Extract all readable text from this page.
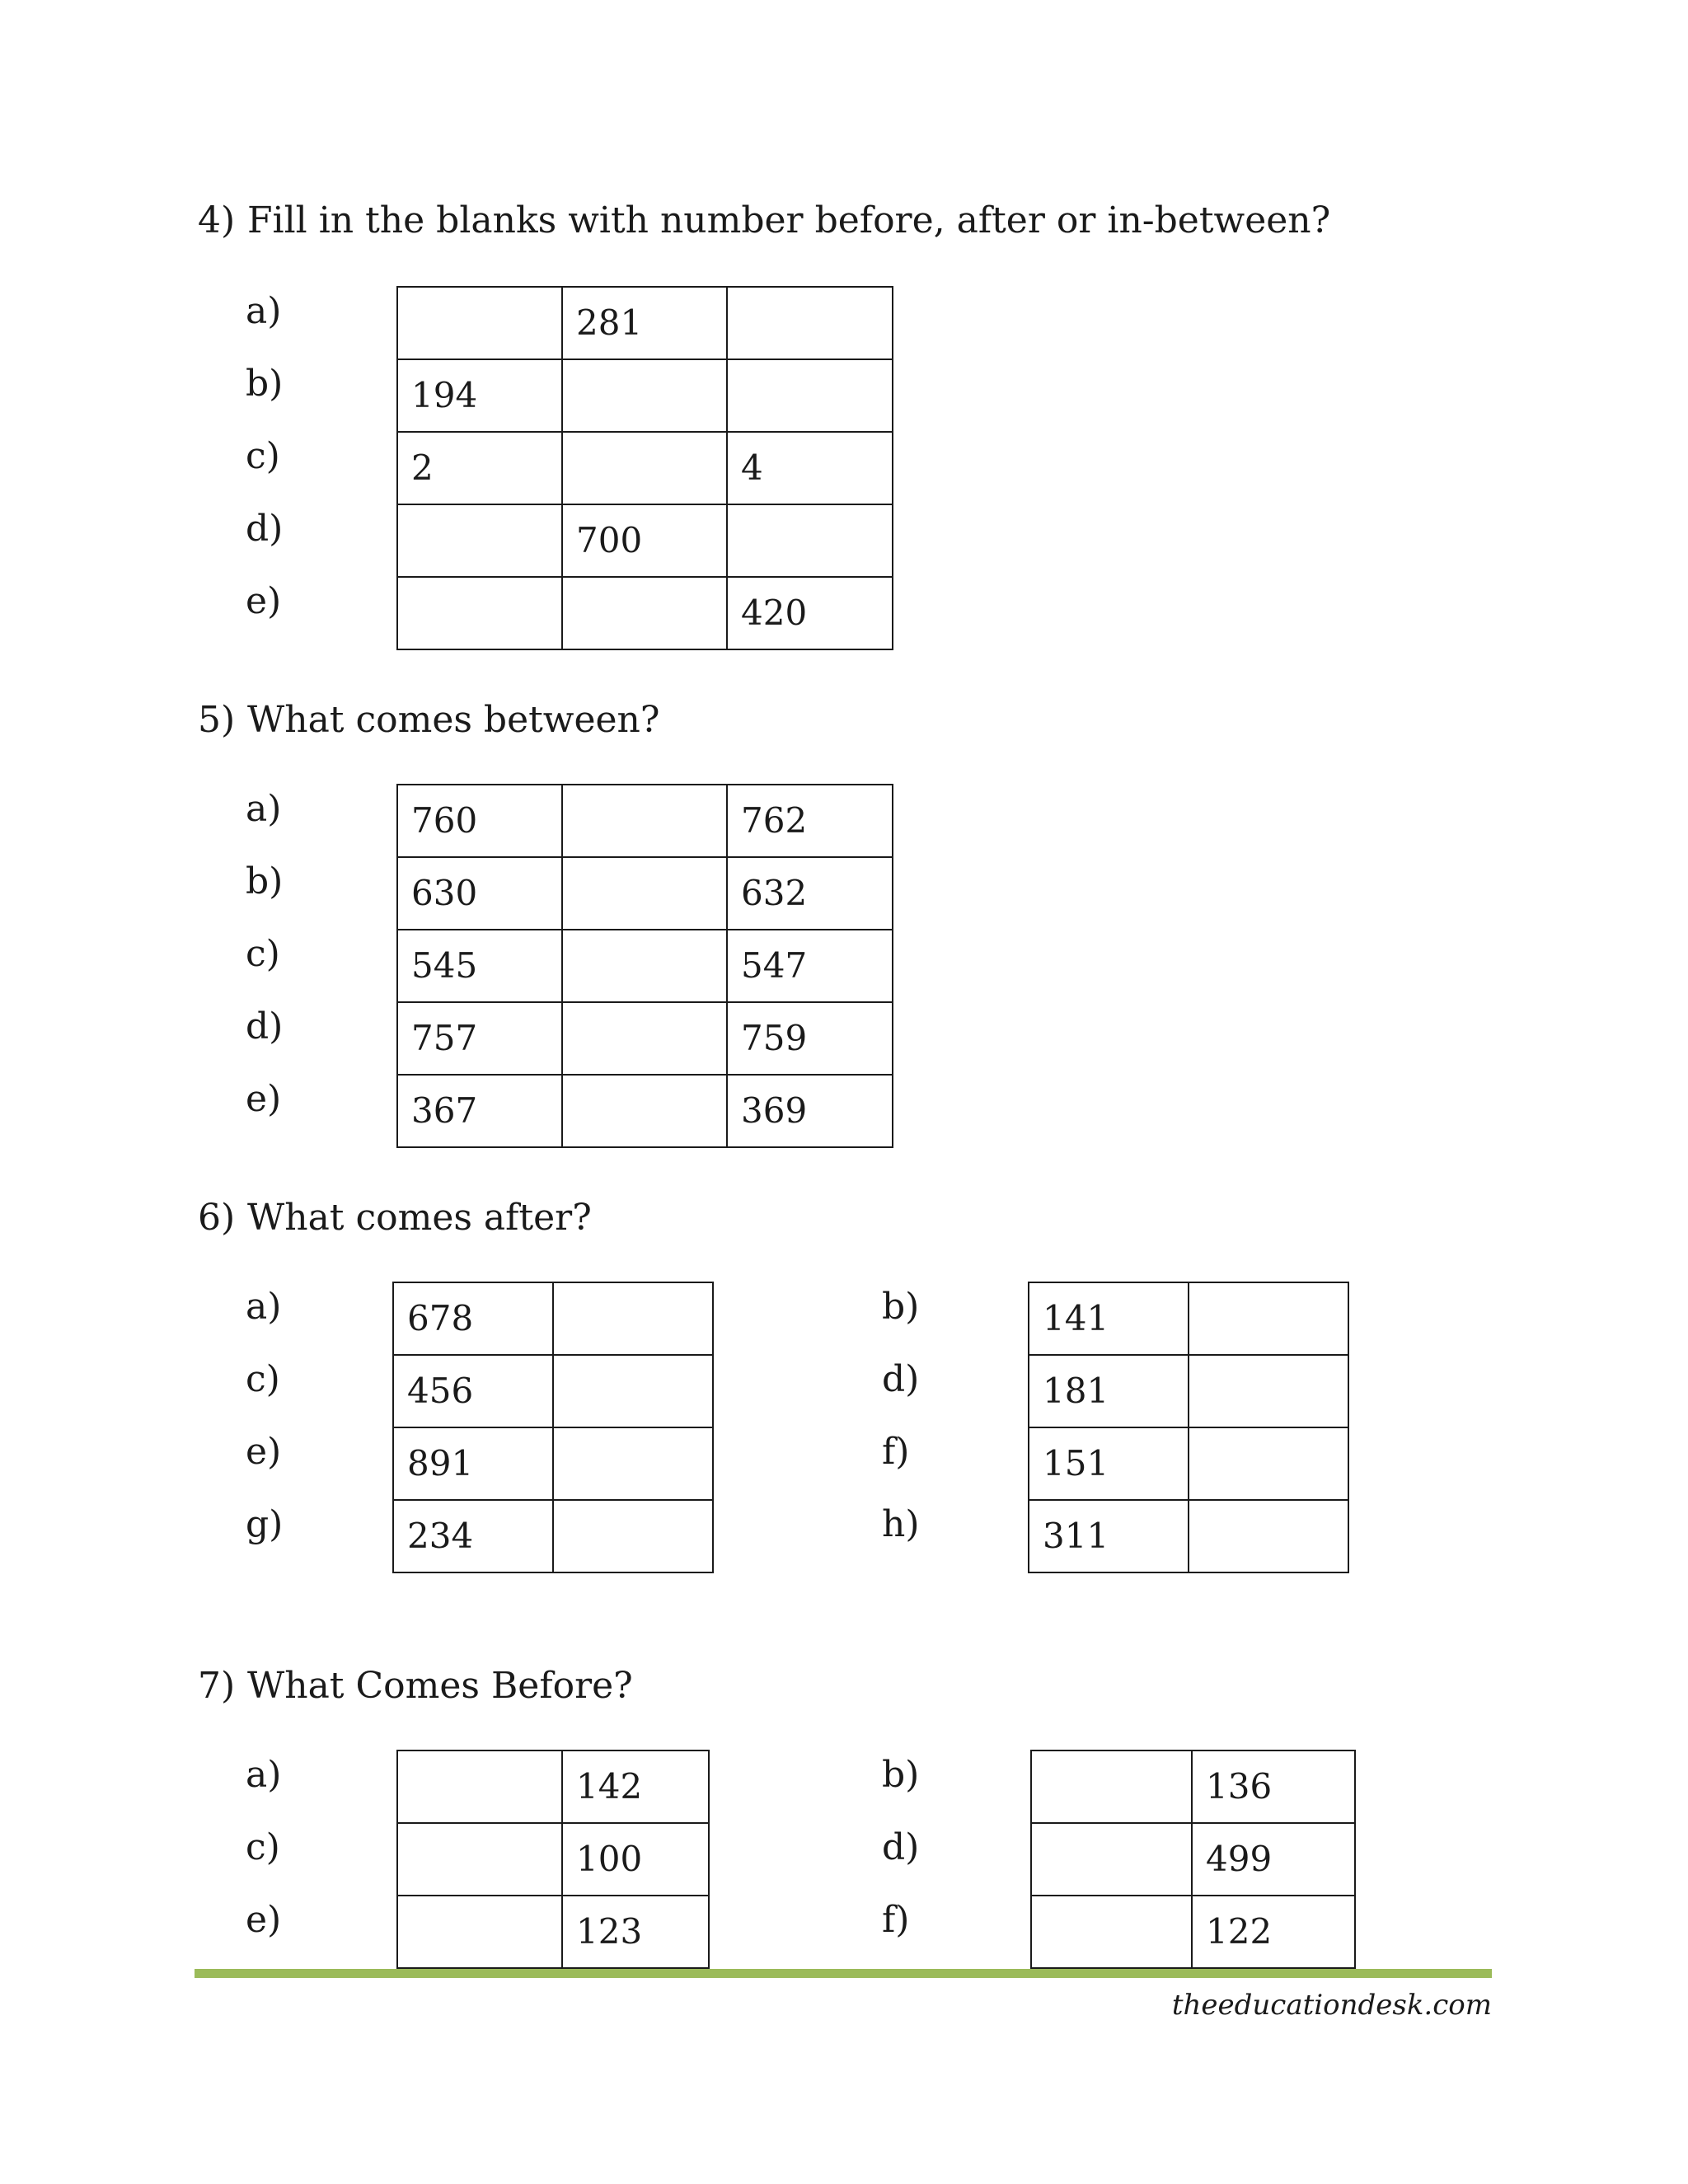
4) Fill in the blanks with number before, after or in-between?
a)
b)
c)
d)
e)
	281	
194		
2		4
	700	
		420
5) What comes between?
a)
b)
c)
d)
e)
760		762
630		632
545		547
757		759
367		369
6) What comes after?
a)
c)
e)
g)
678	
456	
891	
234	
b)
d)
f)
h)
141	
181	
151	
311	
7) What Comes Before?
a)
c)
e)
	142
	100
	123
b)
d)
f)
	136
	499
	122
theeducationdesk.com
